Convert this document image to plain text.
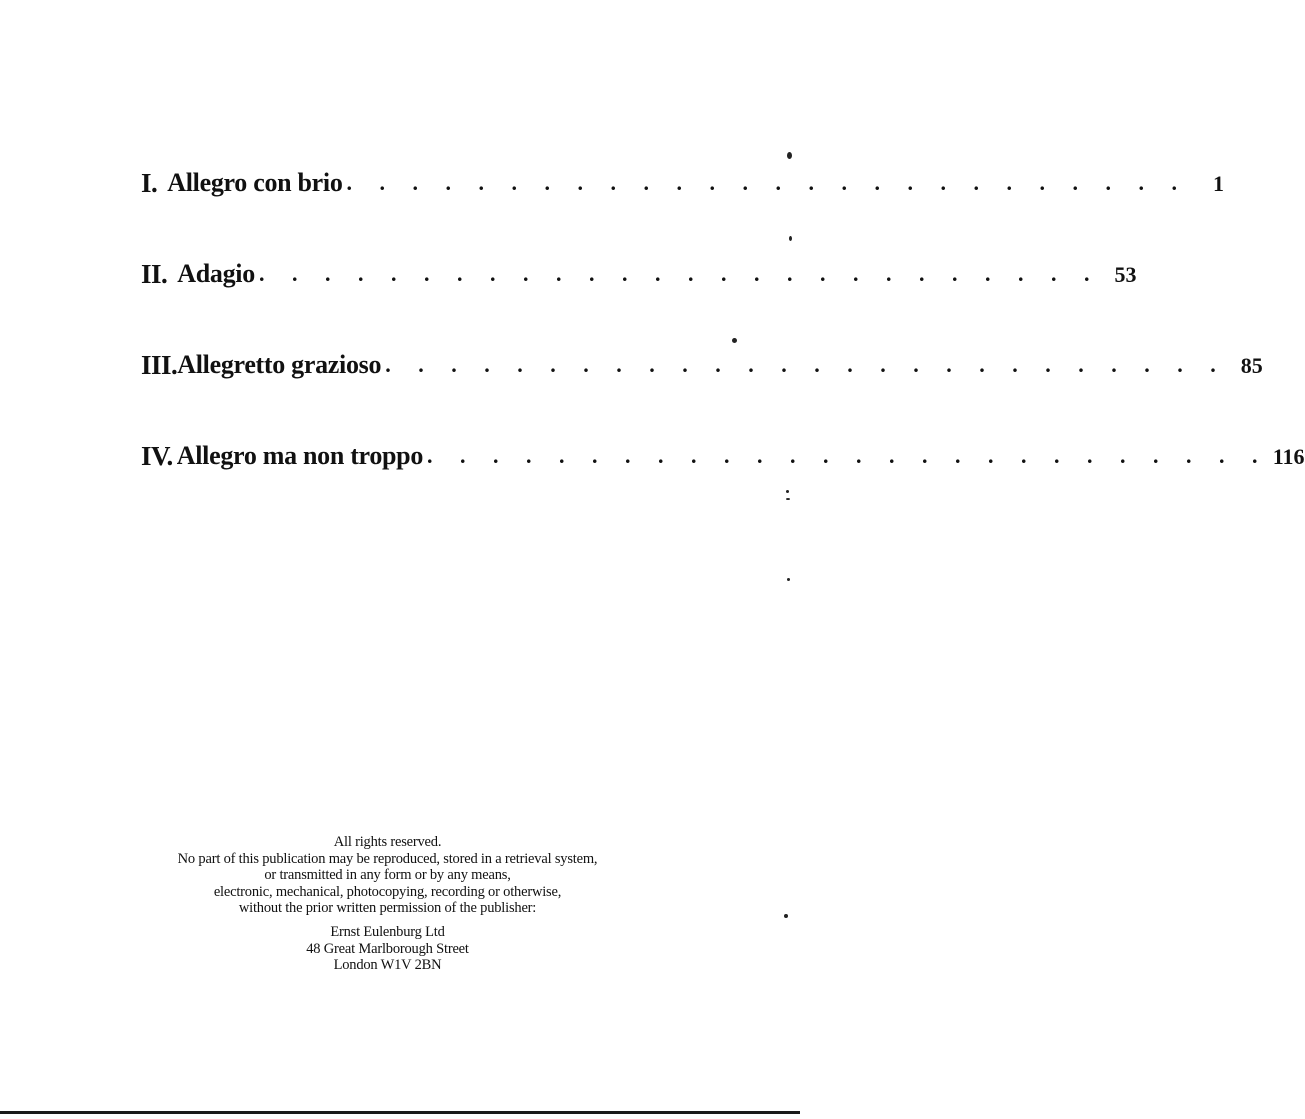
I. Allegro con brio . . . . . . . . . . . . . . . . . . . . . . . . . .	1
II. Adagio . . . . . . . . . . . . . . . . . . . . . . . . . . 53
III. Allegretto grazioso . . . . . . . . . . . . . . . . . . . . . . . . . . 85
IV. Allegro ma non troppo . . . . . . . . . . . . . . . . . . . . . . . . . . 116
All rights reserved.
No part of this publication may be reproduced, stored in a retrieval system,
or transmitted in any form or by any means,
electronic, mechanical, photocopying, recording or otherwise,
without the prior written permission of the publisher:
Ernst Eulenburg Ltd
48 Great Marlborough Street
London W1V 2BN
